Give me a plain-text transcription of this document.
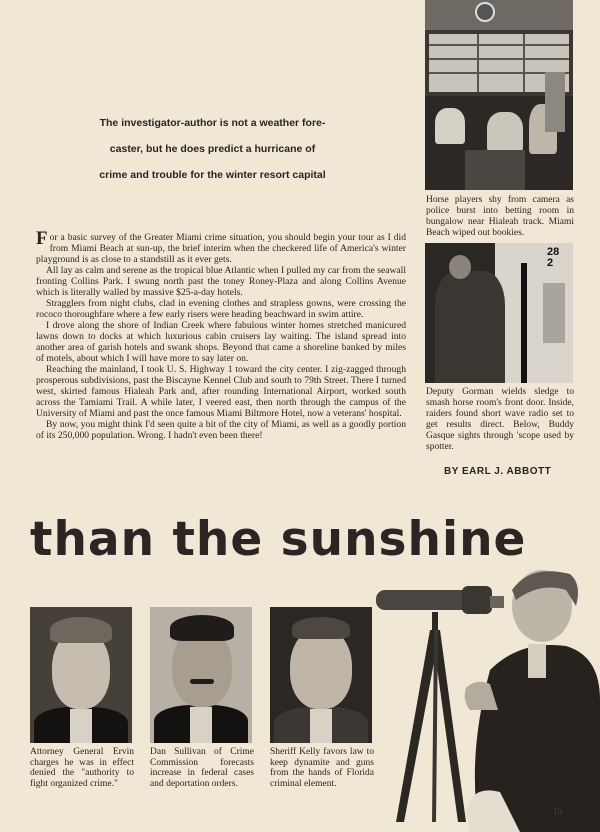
The investigator-author is not a weather fore-
caster, but he does predict a hurricane of
crime and trouble for the winter resort capital

For a basic survey of the Greater Miami crime situation, you should begin your tour as I did from Miami Beach at sun-up, the brief interim when the checkered life of America's winter playground is as close to a standstill as it ever gets.

All lay as calm and serene as the tropical blue Atlantic when I pulled my car from the seawall fronting Collins Park. I swung north past the toney Roney-Plaza and along Collins Avenue which is literally walled by massive $25-a-day hotels.

Stragglers from night clubs, clad in evening clothes and strapless gowns, were crossing the rococo thoroughfare where a few early risers were heading beachward in swim attire.

I drove along the shore of Indian Creek where fabulous winter homes stretched manicured lawns down to docks at which luxurious cabin cruisers lay waiting. The island spread into another area of garish hotels and swank shops. Beyond that came a shoreline banked by miles of motels, about which I will have more to say later on.

Reaching the mainland, I took U. S. Highway 1 toward the city center. I zig-zagged through prosperous subdivisions, past the Biscayne Kennel Club and south to 79th Street. There I turned west, skirted famous Hialeah Park and, after rounding International Airport, worked south across the Tamiami Trail. A while later, I veered east, then north through the campus of the University of Miami and past the once famous Miami Biltmore Hotel, now a veterans' hospital.

By now, you might think I'd seen quite a bit of the city of Miami, as well as a goodly portion of its 250,000 population. Wrong. I hadn't even been there!

Horse players shy from camera as police burst into betting room in bungalow near Hialeah track. Miami Beach wiped out bookies.
282
Deputy Gorman wields sledge to smash horse room's front door. Inside, raiders found short wave radio set to get results direct. Below, Buddy Gasque sights through 'scope used by spotter.
BY EARL J. ABBOTT
than the sunshine
Attorney General Ervin charges he was in effect denied the "authority to fight organized crime."
Dan Sullivan of Crime Commission forecasts increase in federal cases and deportation orders.
Sheriff Kelly favors law to keep dynamite and guns from the hands of Florida criminal element.
15
